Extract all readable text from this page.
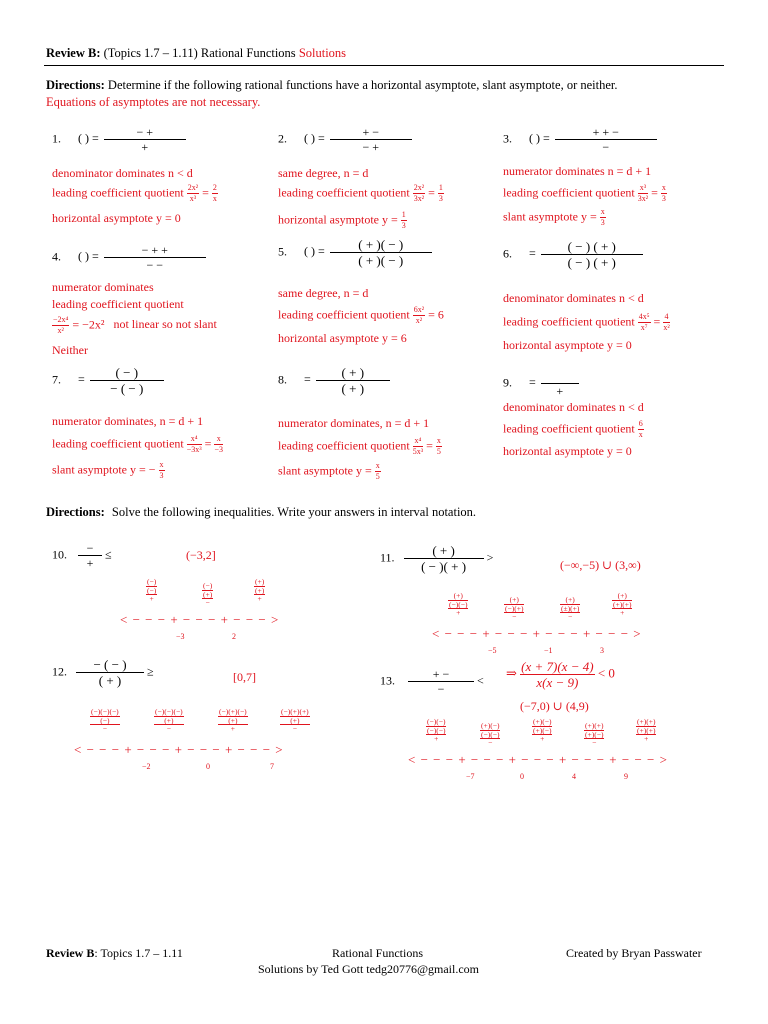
Review B: (Topics 1.7 – 1.11) Rational Functions Solutions
Directions: Determine if the following rational functions have a horizontal asymptote, slant asymptote, or neither.
Equations of asymptotes are not necessary.
1. ( ) =	− +
+
denominator dominates n < d
leading coefficient quotient $\frac{\text{2x²}}{\text{x³}} = \frac{2}{x}$
horizontal asymptote y = 0
2. ( ) =	+ −
− +
same degree, n = d
leading coefficient quotient $\frac{\text{2x²}}{\text{3x²}} = \frac{1}{3}$
horizontal asymptote $y = \frac{1}{3}$
3. ( ) =	+ + −
−
numerator dominates n = d + 1
leading coefficient quotient $\frac{\text{x³}}{\text{3x²}} = \frac{x}{3}$
slant asymptote $y = \frac{x}{3}$
4. ( ) =	− + +
− −
numerator dominates
leading coefficient quotient
$\frac{\text{−2x⁴}}{\text{x²}} = -2x^2$ not linear so not slant
Neither
5. ( ) =	( + )( − )
( + )( − )
same degree, n = d
leading coefficient quotient $\frac{\text{6x²}}{\text{x²}} = 6$
horizontal asymptote y = 6
6. =	( − ) ( + )
( − ) ( + )
denominator dominates n < d
leading coefficient quotient $\frac{\text{4x⁵}}{\text{x⁷}} = \frac{4}{\text{x²}}$
horizontal asymptote y = 0
7. =	( − )
− ( − )
numerator dominates, n = d + 1
leading coefficient quotient $\frac{\text{x⁴}}{\text{−3x³}} = \frac{x}{-3}$
slant asymptote y = − $\frac{x}{3}$
8. =	( + )
( + )
numerator dominates, n = d + 1
leading coefficient quotient $\frac{\text{x⁴}}{\text{5x³}} = \frac{x}{5}$
slant asymptote $y = \frac{x}{5}$
9. =
+
denominator dominates n < d
leading coefficient quotient $\frac{6}{x}$
horizontal asymptote y = 0
Directions: Solve the following inequalities. Write your answers in interval notation.
10.	−
+
≤	(−3,2]
(−)
(−)
+
(−)
(+)
−
(+)
(+)
+
< − − − + − − − + − − − >
−3	2
11.	( + )
( − )( + )
>
(−∞,−5) ∪ (3,∞)
(+)
(−)(−)
+
(+)
(−)(+)
−
(+)
(±)(+)
−
(+)
(+)(+)
+
< − − − + − − − + − − − + − − − >
−5	−1	3
12.	− ( − )
( + )
≥	[0,7]
(−)(−)(−)
(−)
−
(−)(−)(−)
(+)
−
(−)(+)(−)
(+)
+
(−)(+)(+)
(+)
−
< − − − + − − − + − − − + − − − >
−2	0	7
13.	+ −
−
< ⇒ $\frac{(x + 7)(x - 4)}{x(x - 9)} < 0$
(−7,0) ∪ (4,9)
(−)(−)
(−)(−)
+
(+)(−)
(−)(−)
−
(+)(−)
(+)(−)
+
(+)(+)
(+)(−)
−
(+)(+)
(+)(+)
+
< − − − + − − − + − − − + − − − + − − − >
−7	0	4	9
Review B: Topics 1.7 – 1.11	Rational Functions	Created by Bryan Passwater
Solutions by Ted Gott tedg20776@gmail.com
